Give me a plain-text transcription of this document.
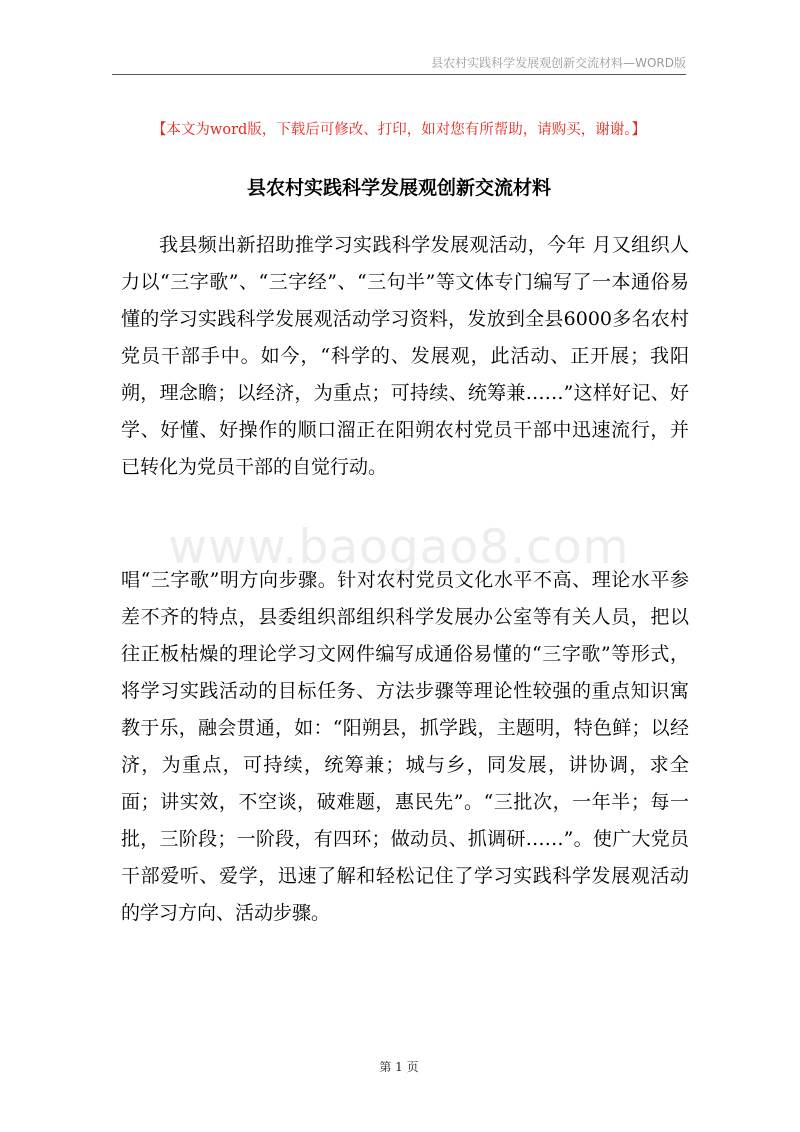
县农村实践科学发展观创新交流材料—WORD版
【本文为word版，下载后可修改、打印，如对您有所帮助，请购买，谢谢。】
县农村实践科学发展观创新交流材料

我县频出新招助推学习实践科学发展观活动，今年 月又组织人力以“三字歌”、“三字经”、“三句半”等文体专门编写了一本通俗易懂的学习实践科学发展观活动学习资料，发放到全县6000多名农村党员干部手中。如今，“科学的、发展观，此活动、正开展；我阳朔，理念瞻；以经济，为重点；可持续、统筹兼……”这样好记、好学、好懂、好操作的顺口溜正在阳朔农村党员干部中迅速流行，并已转化为党员干部的自觉行动。

www.baogao8.com

唱“三字歌”明方向步骤。针对农村党员文化水平不高、理论水平参差不齐的特点，县委组织部组织科学发展办公室等有关人员，把以往正板枯燥的理论学习文网件编写成通俗易懂的“三字歌”等形式，将学习实践活动的目标任务、方法步骤等理论性较强的重点知识寓教于乐，融会贯通，如：“阳朔县，抓学践，主题明，特色鲜；以经济，为重点，可持续，统筹兼；城与乡，同发展，讲协调，求全面；讲实效，不空谈，破难题，惠民先”。“三批次，一年半；每一批，三阶段；一阶段，有四环；做动员、抓调研……”。使广大党员干部爱听、爱学，迅速了解和轻松记住了学习实践科学发展观活动的学习方向、活动步骤。

第 1 页
